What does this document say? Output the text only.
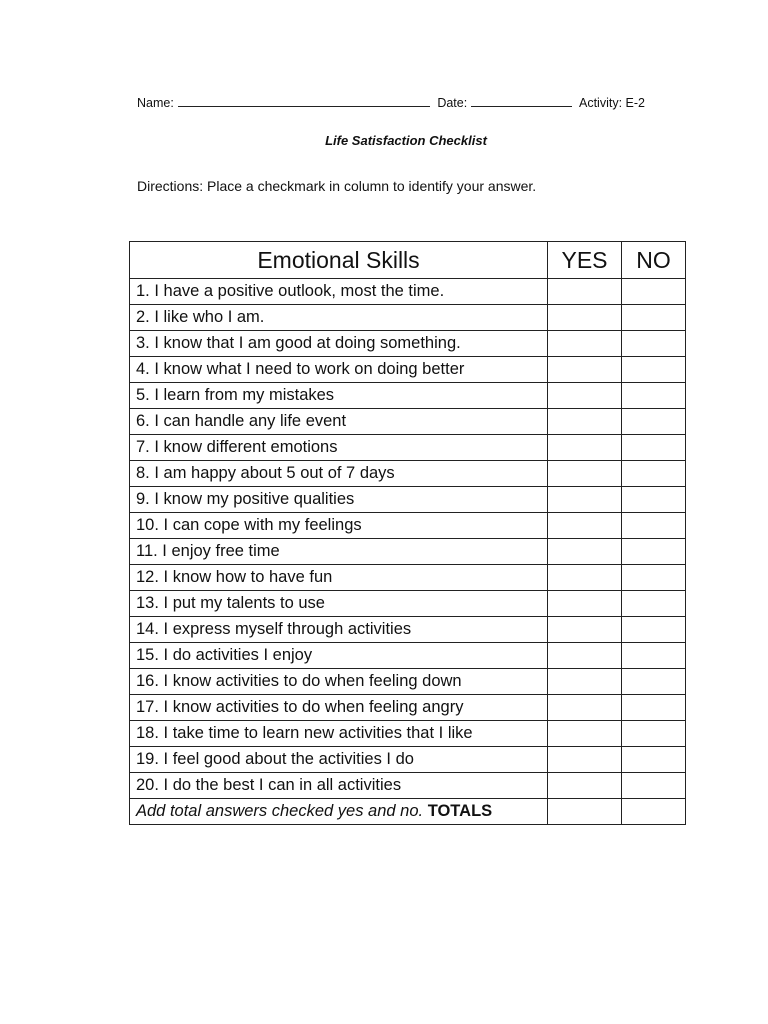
Name:	Date:	Activity: E-2
Life Satisfaction Checklist
Directions: Place a checkmark in column to identify your answer.
Emotional Skills	YES	NO
1. I have a positive outlook, most the time.		
2. I like who I am.		
3. I know that I am good at doing something.		
4. I know what I need to work on doing better		
5. I learn from my mistakes		
6. I can handle any life event		
7. I know different emotions		
8. I am happy about 5 out of 7 days		
9. I know my positive qualities		
10. I can cope with my feelings		
11. I enjoy free time		
12. I know how to have fun		
13. I put my talents to use		
14. I express myself through activities		
15. I do activities I enjoy		
16. I know activities to do when feeling down		
17. I know activities to do when feeling angry		
18. I take time to learn new activities that I like		
19. I feel good about the activities I do		
20. I do the best I can in all activities		
Add total answers checked yes and no. TOTALS		
